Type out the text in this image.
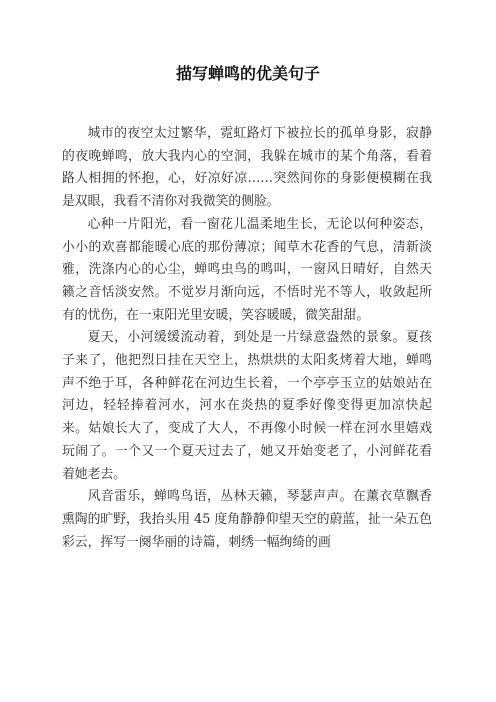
描写蝉鸣的优美句子

城市的夜空太过繁华，霓虹路灯下被拉长的孤单身影，寂静的夜晚蝉鸣，放大我内心的空洞，我躲在城市的某个角落，看着路人相拥的怀抱，心，好凉好凉……突然间你的身影便模糊在我是双眼，我看不清你对我微笑的侧脸。

心种一片阳光，看一窗花儿温柔地生长，无论以何种姿态，小小的欢喜都能暖心底的那份薄凉；闻草木花香的气息，清新淡雅，洗涤内心的心尘，蝉鸣虫鸟的鸣叫，一窗风日晴好，自然天籁之音恬淡安然。不觉岁月渐向远，不悟时光不等人，收敛起所有的忧伤，在一束阳光里安暖，笑容暖暖，微笑甜甜。

夏天，小河缓缓流动着，到处是一片绿意盎然的景象。夏孩子来了，他把烈日挂在天空上，热烘烘的太阳炙烤着大地，蝉鸣声不绝于耳，各种鲜花在河边生长着，一个亭亭玉立的姑娘站在河边，轻轻捧着河水，河水在炎热的夏季好像变得更加凉快起来。姑娘长大了，变成了大人，不再像小时候一样在河水里嬉戏玩闹了。一个又一个夏天过去了，她又开始变老了，小河鲜花看着她老去。

风音雷乐，蝉鸣鸟语，丛林天籁，琴瑟声声。在薰衣草飘香熏陶的旷野，我抬头用 45 度角静静仰望天空的蔚蓝，扯一朵五色彩云，挥写一阕华丽的诗篇，刺绣一幅绚绮的画
